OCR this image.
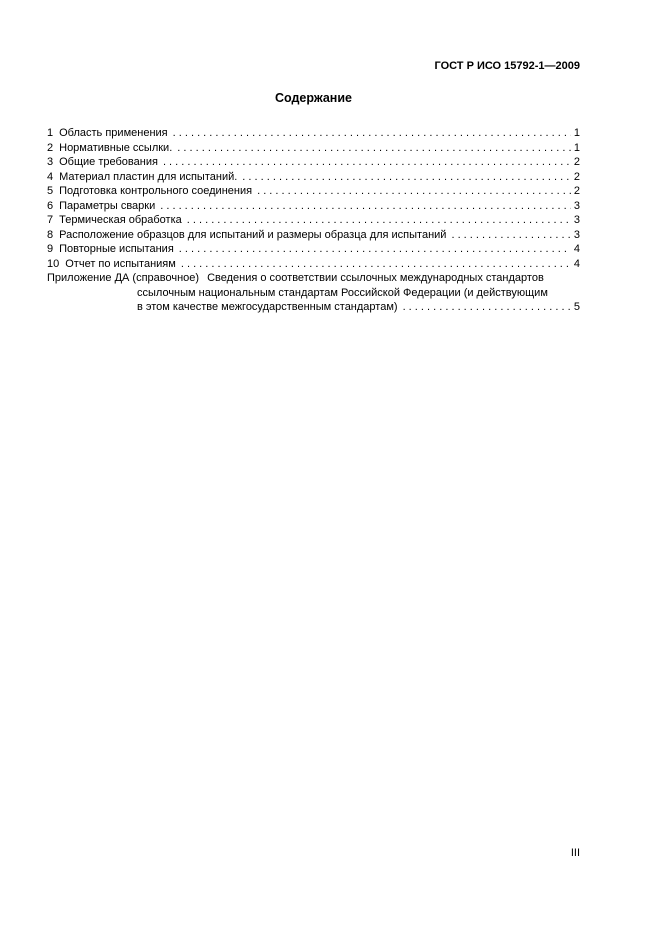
ГОСТ Р ИСО 15792-1—2009
Содержание
1 Область применения . . .	1
2 Нормативные ссылки. . . .	1
3 Общие требования . . .	2
4 Материал пластин для испытаний. . . .	2
5 Подготовка контрольного соединения . . .	2
6 Параметры сварки . . .	3
7 Термическая обработка . . .	3
8 Расположение образцов для испытаний и размеры образца для испытаний . . .	3
9 Повторные испытания . . .	4
10 Отчет по испытаниям . . .	4
Приложение ДА (справочное) Сведения о соответствии ссылочных международных стандартов
ссылочным национальным стандартам Российской Федерации (и действующим
в этом качестве межгосударственным стандартам) . . .	5
III
